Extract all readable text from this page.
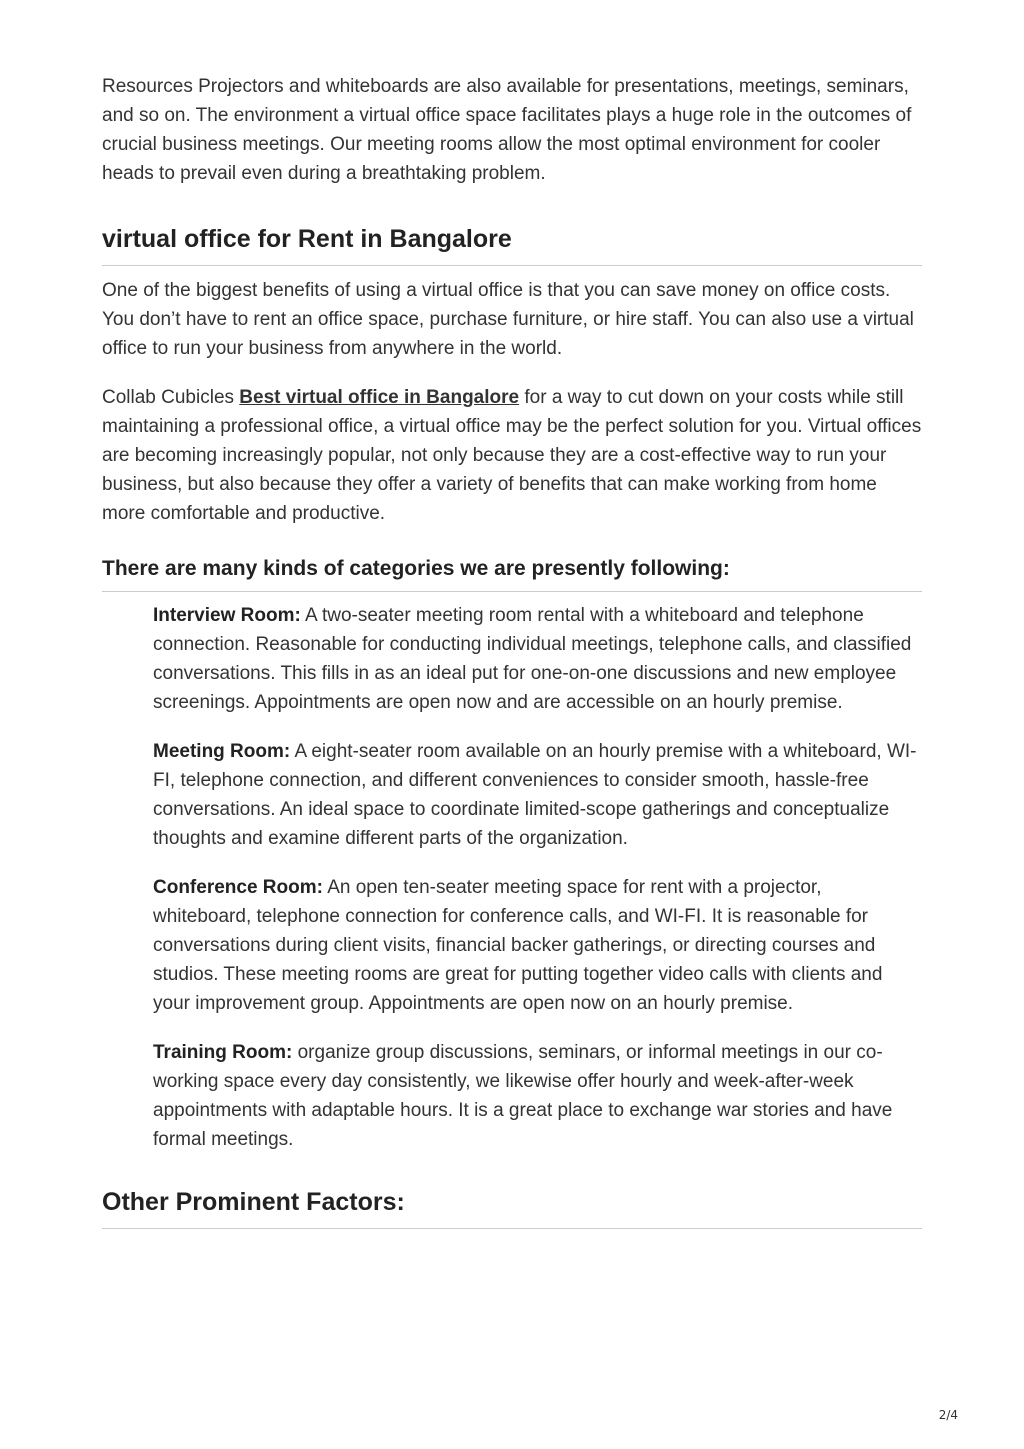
Resources Projectors and whiteboards are also available for presentations, meetings, seminars, and so on. The environment a virtual office space facilitates plays a huge role in the outcomes of crucial business meetings. Our meeting rooms allow the most optimal environment for cooler heads to prevail even during a breathtaking problem.

virtual office for Rent in Bangalore

One of the biggest benefits of using a virtual office is that you can save money on office costs. You don’t have to rent an office space, purchase furniture, or hire staff. You can also use a virtual office to run your business from anywhere in the world.

Collab Cubicles Best virtual office in Bangalore for a way to cut down on your costs while still maintaining a professional office, a virtual office may be the perfect solution for you. Virtual offices are becoming increasingly popular, not only because they are a cost-effective way to run your business, but also because they offer a variety of benefits that can make working from home more comfortable and productive.

There are many kinds of categories we are presently following:

Interview Room: A two-seater meeting room rental with a whiteboard and telephone connection. Reasonable for conducting individual meetings, telephone calls, and classified conversations. This fills in as an ideal put for one-on-one discussions and new employee screenings. Appointments are open now and are accessible on an hourly premise.

Meeting Room: A eight-seater room available on an hourly premise with a whiteboard, WI-FI, telephone connection, and different conveniences to consider smooth, hassle-free conversations. An ideal space to coordinate limited-scope gatherings and conceptualize thoughts and examine different parts of the organization.

Conference Room: An open ten-seater meeting space for rent with a projector, whiteboard, telephone connection for conference calls, and WI-FI. It is reasonable for conversations during client visits, financial backer gatherings, or directing courses and studios. These meeting rooms are great for putting together video calls with clients and your improvement group. Appointments are open now on an hourly premise.

Training Room: organize group discussions, seminars, or informal meetings in our co-working space every day consistently, we likewise offer hourly and week-after-week appointments with adaptable hours. It is a great place to exchange war stories and have formal meetings.

Other Prominent Factors:
2/4
